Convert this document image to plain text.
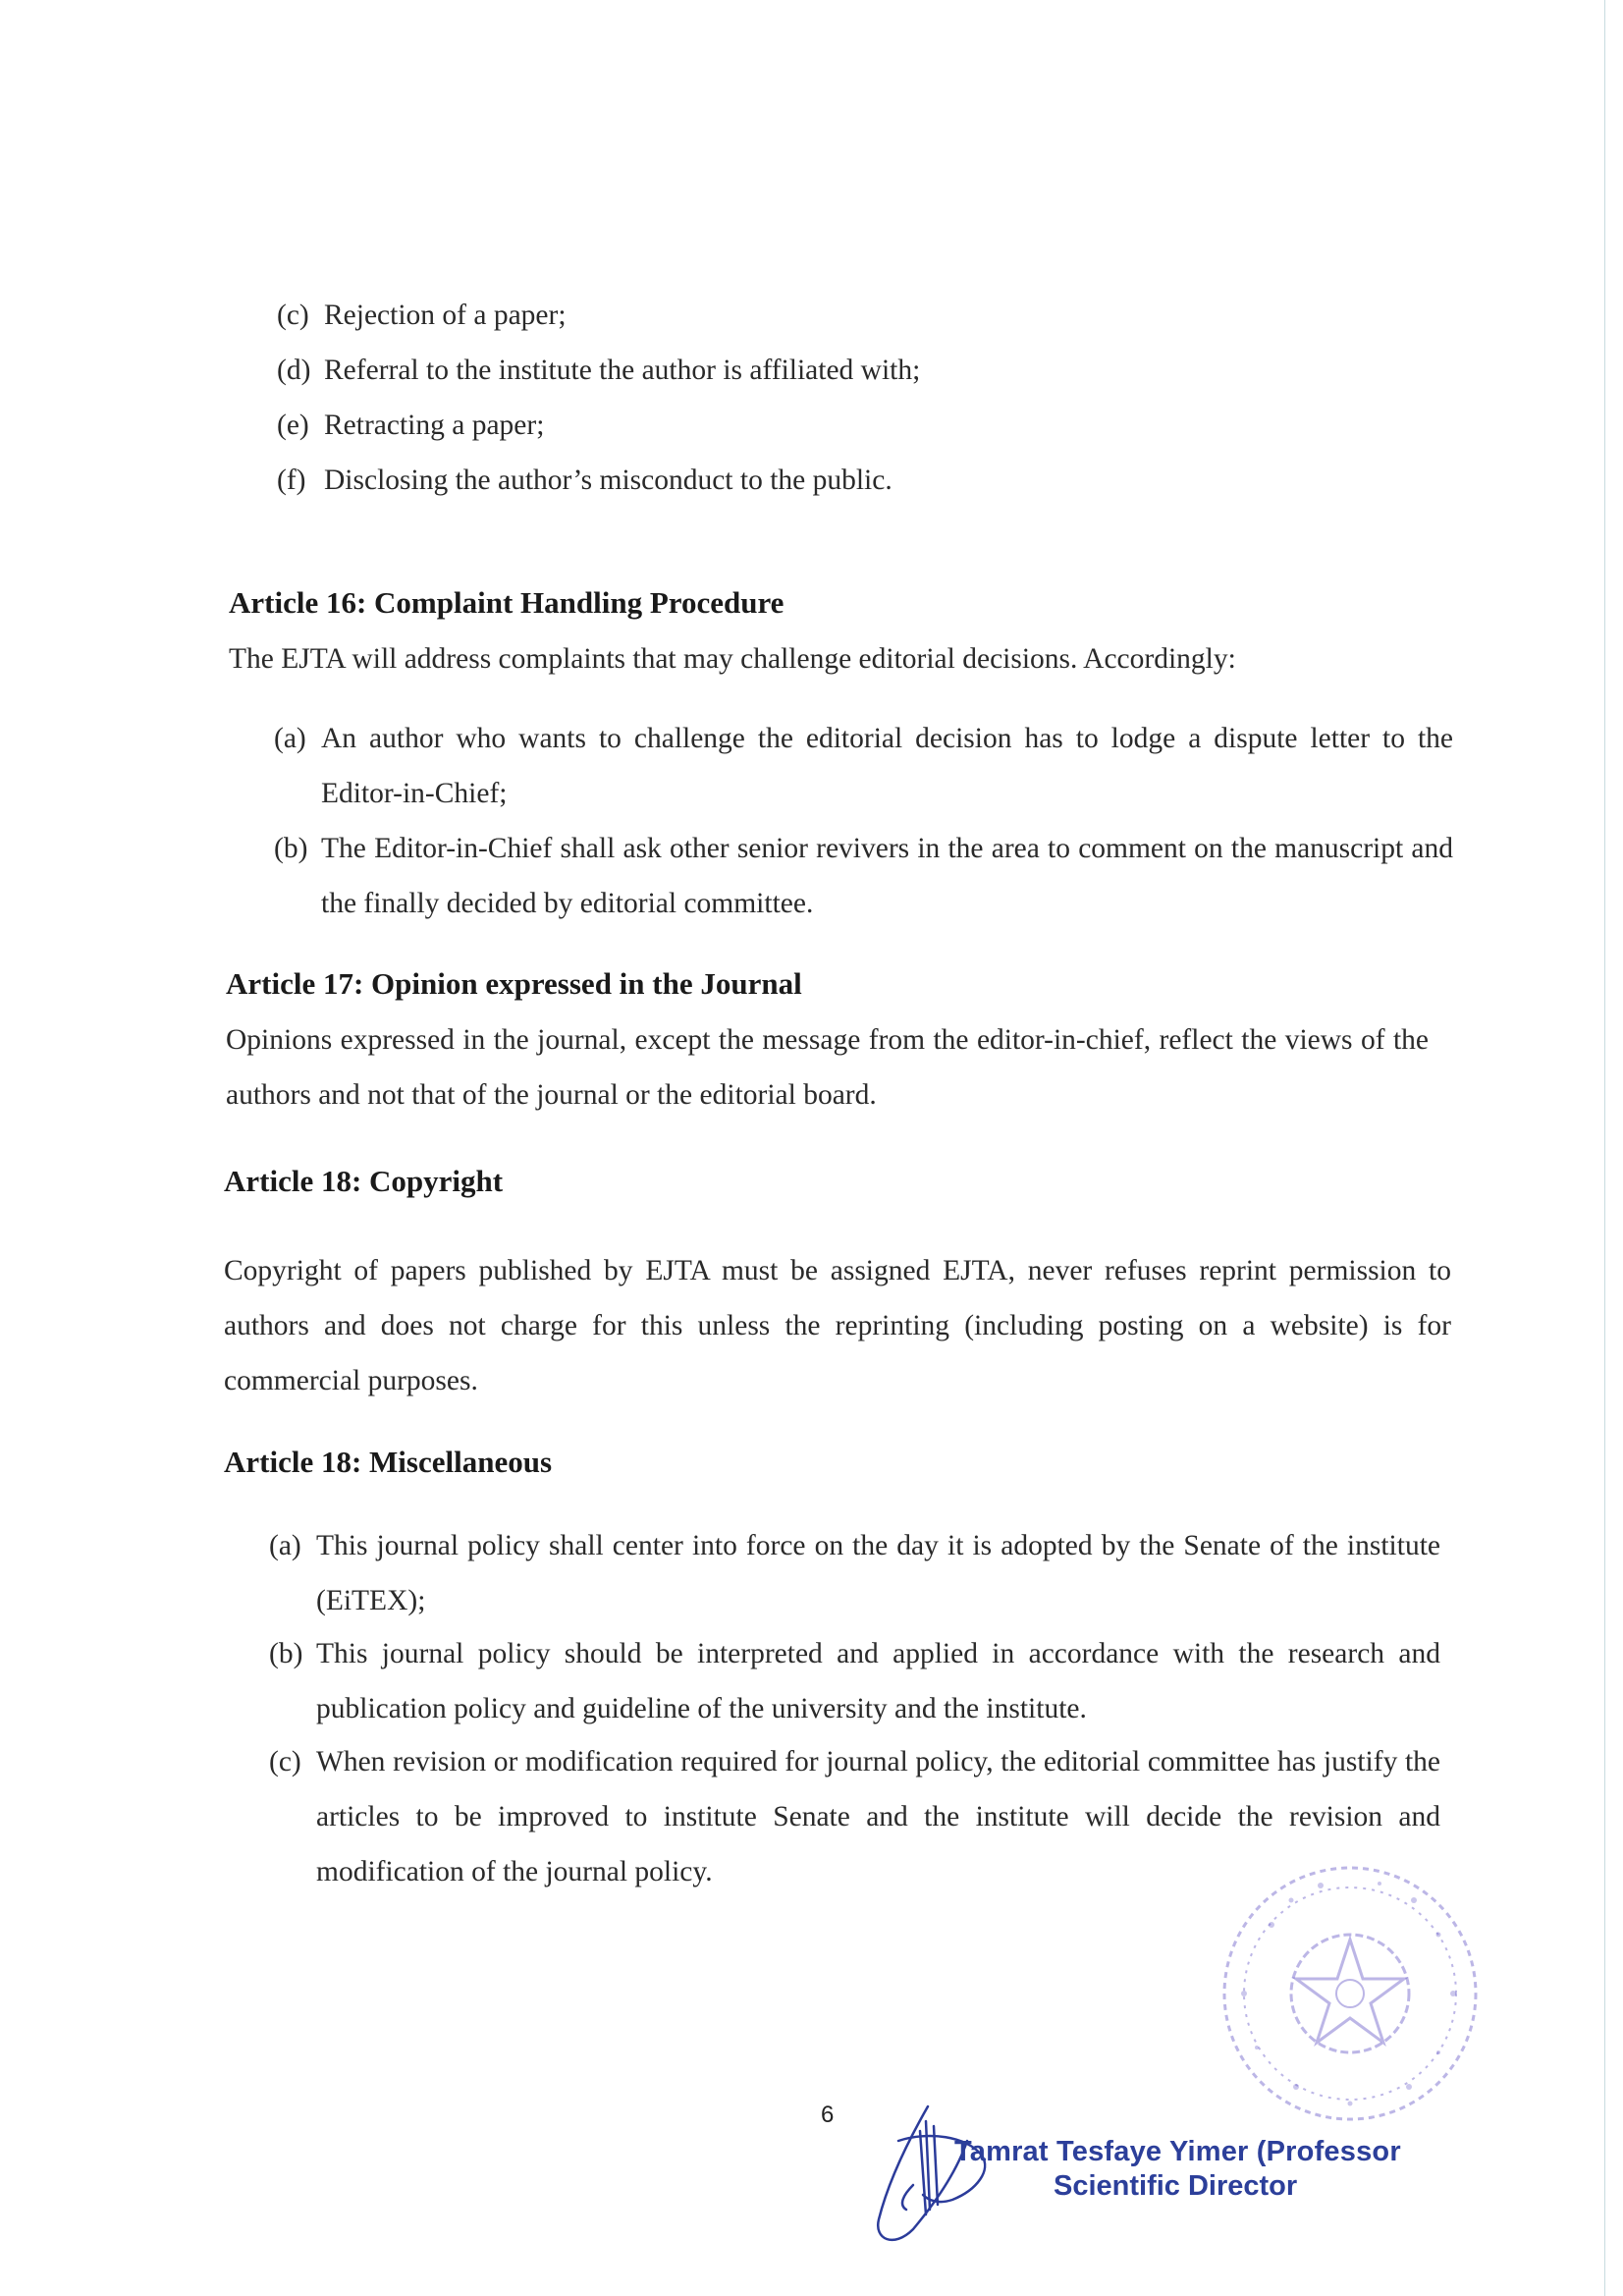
(c) Rejection of a paper;
(d) Referral to the institute the author is affiliated with;
(e) Retracting a paper;
(f) Disclosing the author’s misconduct to the public.
Article 16: Complaint Handling Procedure
The EJTA will address complaints that may challenge editorial decisions. Accordingly:
(a) An author who wants to challenge the editorial decision has to lodge a dispute letter to the Editor-in-Chief;
(b) The Editor-in-Chief shall ask other senior revivers in the area to comment on the manuscript and the finally decided by editorial committee.
Article 17: Opinion expressed in the Journal
Opinions expressed in the journal, except the message from the editor-in-chief, reflect the views of the authors and not that of the journal or the editorial board.
Article 18: Copyright
Copyright of papers published by EJTA must be assigned EJTA, never refuses reprint permission to authors and does not charge for this unless the reprinting (including posting on a website) is for commercial purposes.
Article 18: Miscellaneous
(a) This journal policy shall center into force on the day it is adopted by the Senate of the institute (EiTEX);
(b) This journal policy should be interpreted and applied in accordance with the research and publication policy and guideline of the university and the institute.
(c) When revision or modification required for journal policy, the editorial committee has justify the articles to be improved to institute Senate and the institute will decide the revision and modification of the journal policy.
6
Tamrat Tesfaye Yimer (Professor
Scientific Director
